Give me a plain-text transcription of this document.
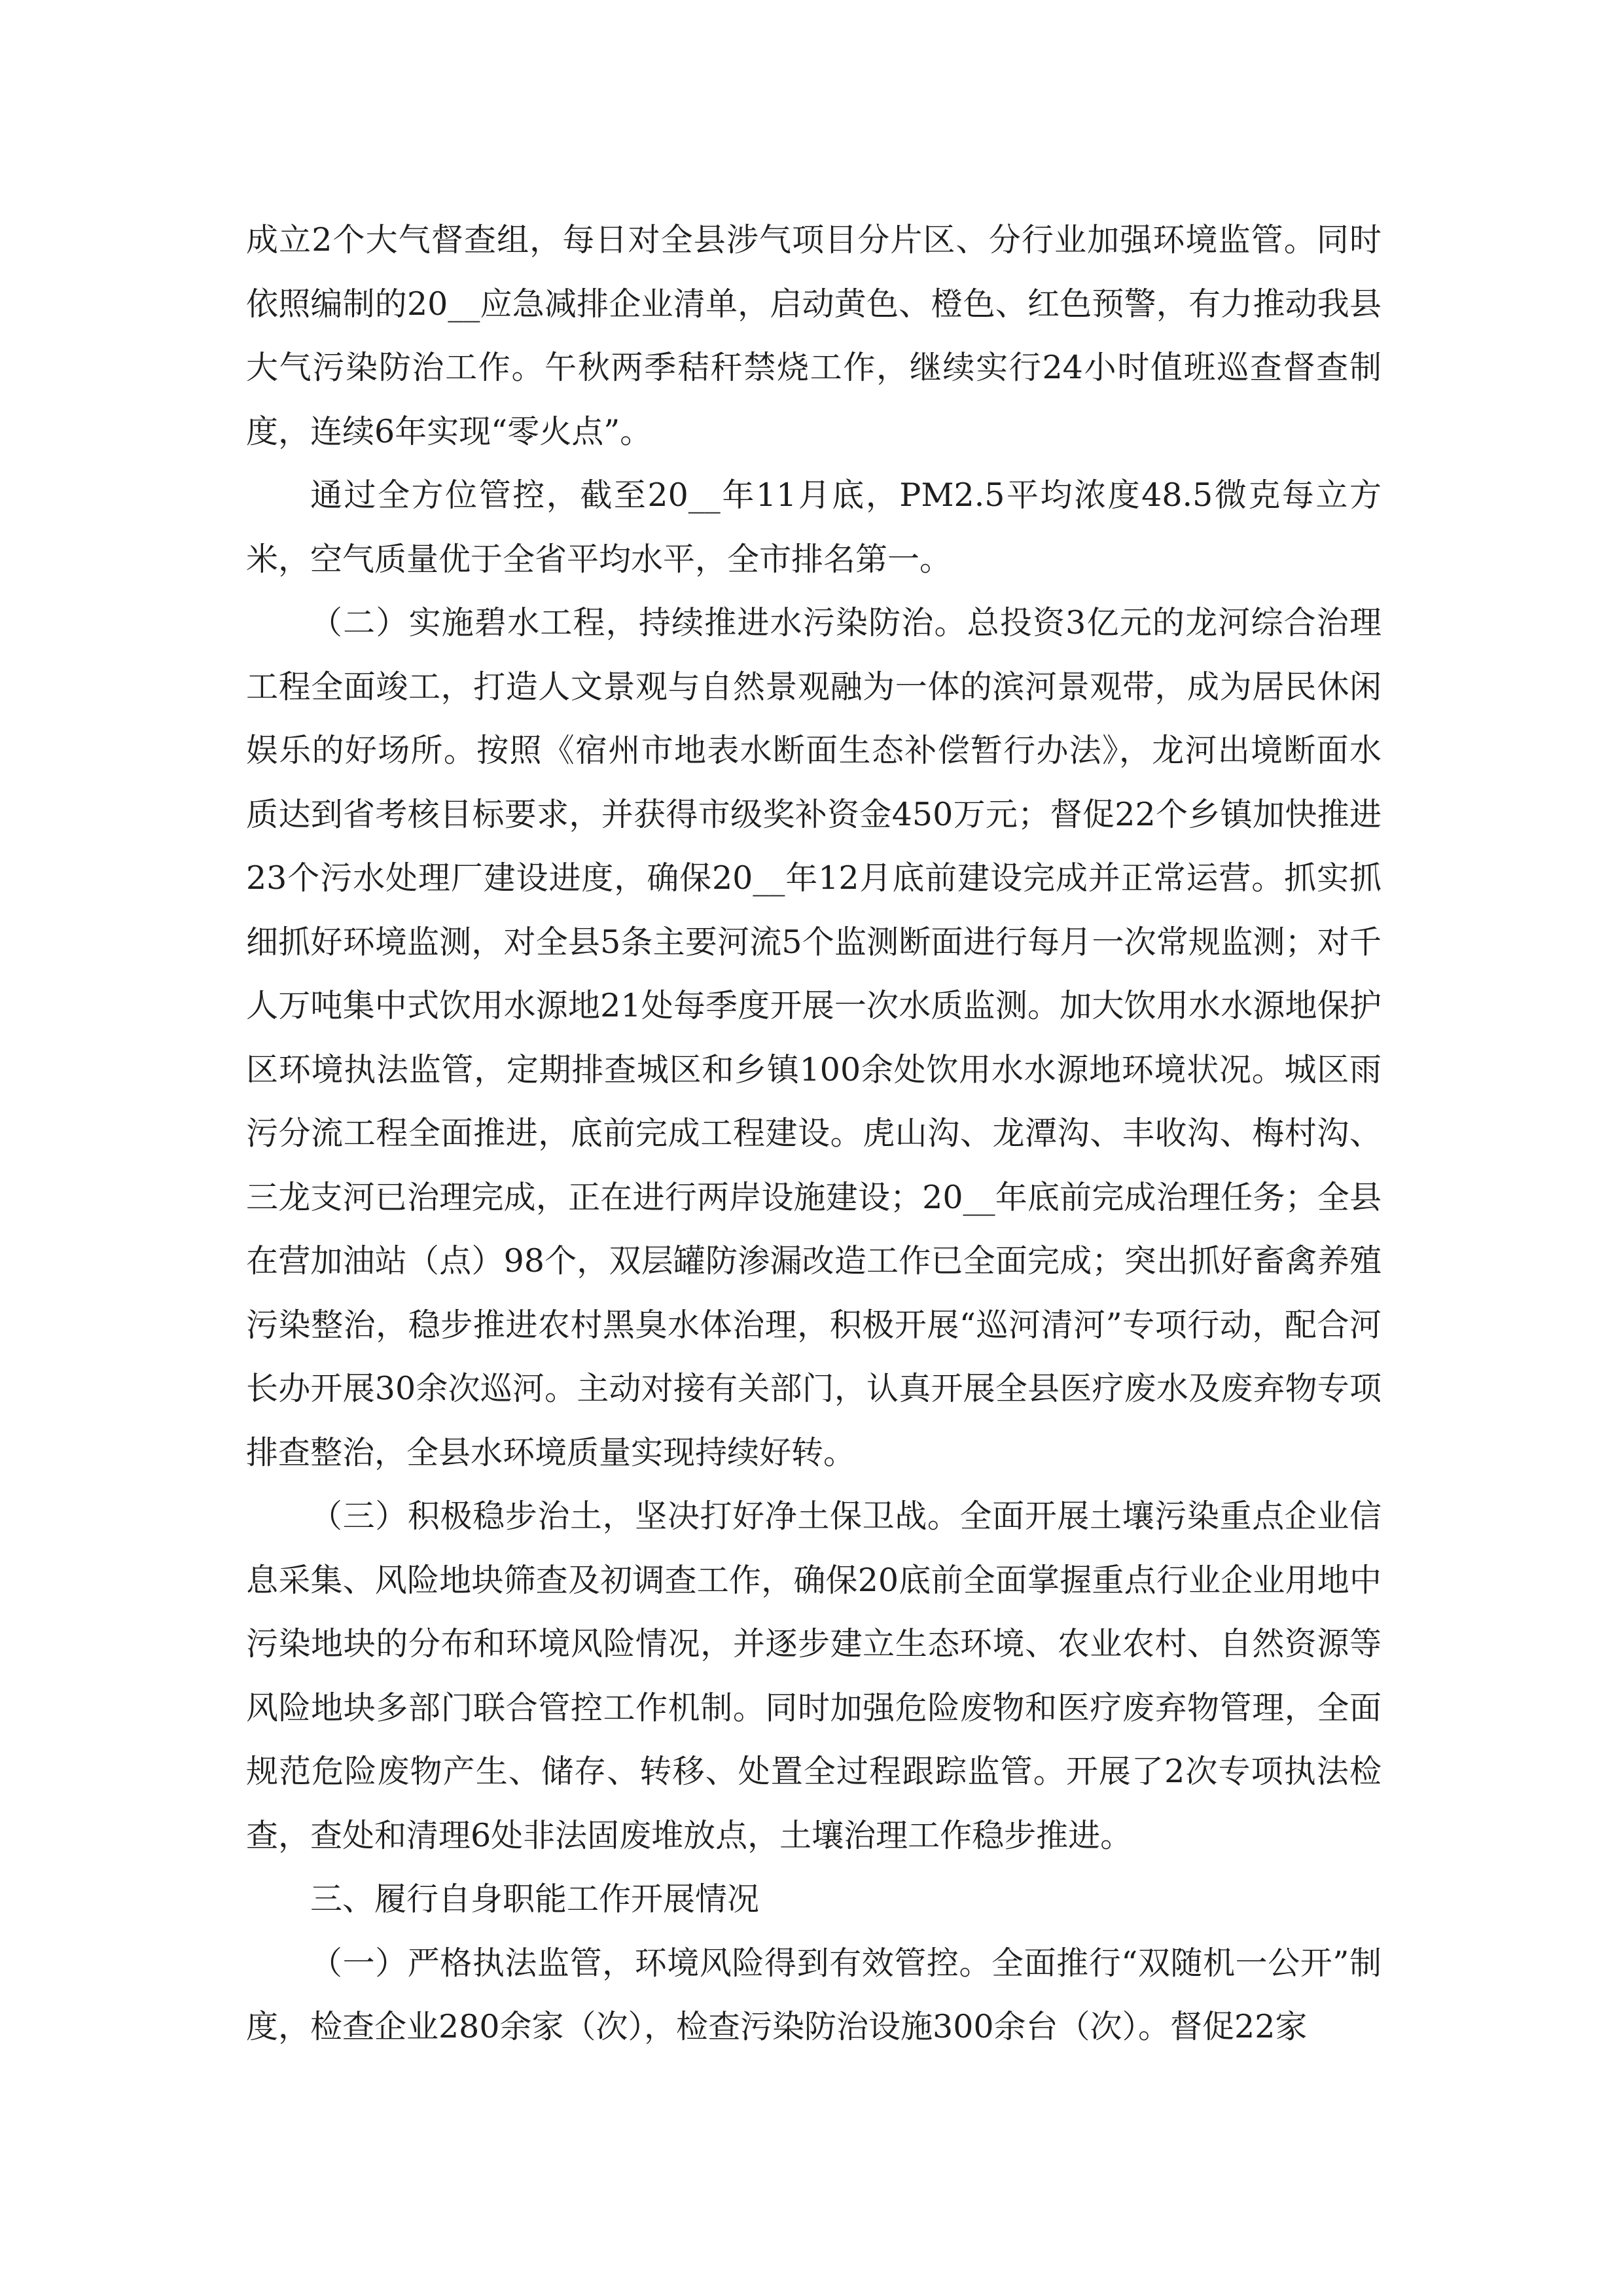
成立2个大气督查组，每日对全县涉气项目分片区、分行业加强环境监管。同时依照编制的20__应急减排企业清单，启动黄色、橙色、红色预警，有力推动我县大气污染防治工作。午秋两季秸秆禁烧工作，继续实行24小时值班巡查督查制度，连续6年实现“零火点”。

通过全方位管控，截至20__年11月底，PM2.5平均浓度48.5微克每立方米，空气质量优于全省平均水平，全市排名第一。

（二）实施碧水工程，持续推进水污染防治。总投资3亿元的龙河综合治理工程全面竣工，打造人文景观与自然景观融为一体的滨河景观带，成为居民休闲娱乐的好场所。按照《宿州市地表水断面生态补偿暂行办法》，龙河出境断面水质达到省考核目标要求，并获得市级奖补资金450万元；督促22个乡镇加快推进23个污水处理厂建设进度，确保20__年12月底前建设完成并正常运营。抓实抓细抓好环境监测，对全县5条主要河流5个监测断面进行每月一次常规监测；对千人万吨集中式饮用水源地21处每季度开展一次水质监测。加大饮用水水源地保护区环境执法监管，定期排查城区和乡镇100余处饮用水水源地环境状况。城区雨污分流工程全面推进，底前完成工程建设。虎山沟、龙潭沟、丰收沟、梅村沟、三龙支河已治理完成，正在进行两岸设施建设；20__年底前完成治理任务；全县在营加油站（点）98个，双层罐防渗漏改造工作已全面完成；突出抓好畜禽养殖污染整治，稳步推进农村黑臭水体治理，积极开展“巡河清河”专项行动，配合河长办开展30余次巡河。主动对接有关部门，认真开展全县医疗废水及废弃物专项排查整治，全县水环境质量实现持续好转。

（三）积极稳步治土，坚决打好净土保卫战。全面开展土壤污染重点企业信息采集、风险地块筛查及初调查工作，确保20底前全面掌握重点行业企业用地中污染地块的分布和环境风险情况，并逐步建立生态环境、农业农村、自然资源等风险地块多部门联合管控工作机制。同时加强危险废物和医疗废弃物管理，全面规范危险废物产生、储存、转移、处置全过程跟踪监管。开展了2次专项执法检查，查处和清理6处非法固废堆放点，土壤治理工作稳步推进。

三、履行自身职能工作开展情况

（一）严格执法监管，环境风险得到有效管控。全面推行“双随机一公开”制度，检查企业280余家（次），检查污染防治设施300余台（次）。督促22家
